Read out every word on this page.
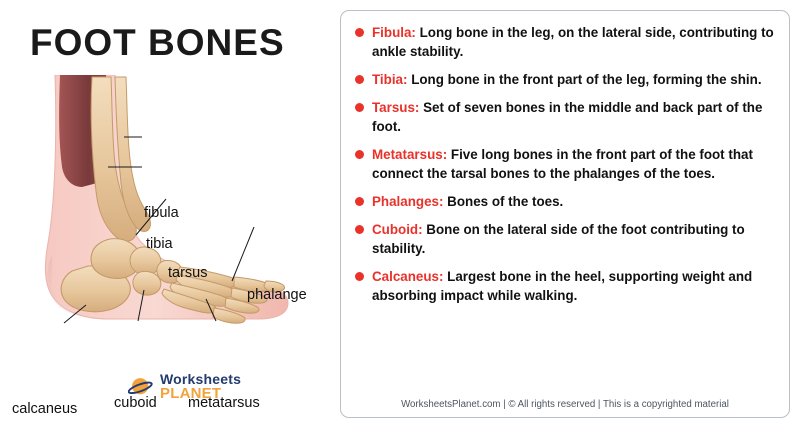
FOOT BONES
fibula
tibia
tarsus
phalange
calcaneus	cuboid metatarsus
Worksheets
PLANET
Fibula: Long bone in the leg, on the lateral side, contributing to ankle stability.
Tibia: Long bone in the front part of the leg, forming the shin.
Tarsus: Set of seven bones in the middle and back part of the foot.
Metatarsus: Five long bones in the front part of the foot that connect the tarsal bones to the phalanges of the toes.
Phalanges: Bones of the toes.
Cuboid: Bone on the lateral side of the foot contributing to stability.
Calcaneus: Largest bone in the heel, supporting weight and absorbing impact while walking.
WorksheetsPlanet.com | © All rights reserved | This is a copyrighted material
